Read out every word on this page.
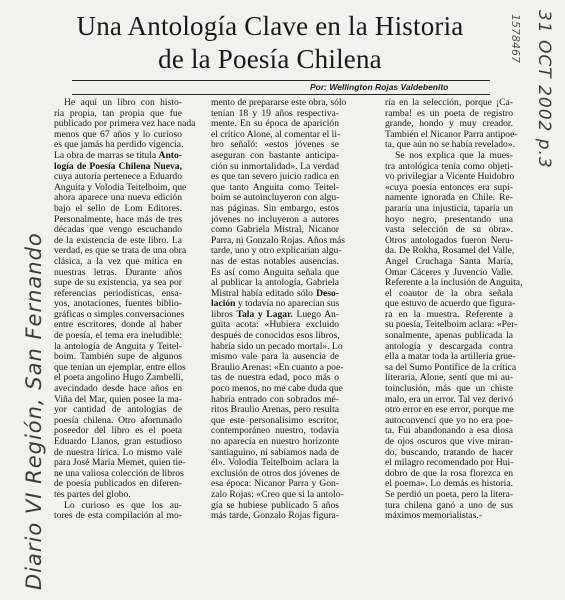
Diario VI Región, San Fernando
31 OCT 2002 p.3
1578467
Una Antología Clave en la Historia
de la Poesía Chilena
Por: Wellington Rojas Valdebenito
He aquí un libro con histo-
ria propia, tan propia que fue
publicado por primera vez hace nada
menos que 67 años y lo curioso
es que jamás ha perdido vigencia.
La obra de marras se titula Anto-
logía de Poesía Chilena Nueva,
cuya autoría pertenece a Eduardo
Anguita y Volodia Teitelboim, que
ahora aparece una nueva edición
bajo el sello de Lom Editores.
Personalmente, hace más de tres
décadas que vengo escuchando
de la existencia de este libro. La
verdad, es que se trata de una obra
clásica, a la vez que mítica en
nuestras letras. Durante años
supe de su existencia, ya sea por
referencias periodísticas, ensa-
yos, anotaciones, fuentes biblio-
gráficas o simples conversaciones
entre escritores, donde al haber
de poesía, el tema era ineludible:
la antología de Anguita y Teitel-
boim. También supe de algunos
que tenían un ejemplar, entre ellos
el poeta angolino Hugo Zambelli,
avecindado desde hace años en
Viña del Mar, quien posee la ma-
yor cantidad de antologías de
poesía chilena. Otro afortunado
poseedor del libro es el poeta
Eduardo Llanos, gran estudioso
de nuestra lírica. Lo mismo vale
para José María Memet, quien tie-
ne una valiosa colección de libros
de poesía publicados en diferen-
tes partes del globo.
Lo curioso es que los au-
tores de esta compilación al mo-
mento de prepararse este obra, sólo
tenían 18 y 19 años respectiva-
mente. En su época de aparición
el crítico Alone, al comentar el li-
bro señaló: «estos jóvenes se
aseguran con bastante anticipa-
ción su inmortalidad». La verdad
es que tan severo juicio radica en
que tanto Anguita como Teitel-
boim se autoincluyeron con algu-
nas páginas. Sin embargo, estos
jóvenes no incluyeron a autores
como Gabriela Mistral, Nicanor
Parra, ni Gonzalo Rojas. Años más
tarde, uno y otro explicarían algu-
nas de estas notables ausencias.
Es así como Anguita señala que
al publicar la antología, Gabriela
Mistral había editado sólo Deso-
lación y todavía no aparecían sus
libros Tala y Lagar. Luego An-
guita acota: «Hubiera excluido
después de conocidos esos libros,
habría sido un pecado mortal». Lo
mismo vale para la ausencia de
Braulio Arenas: «En cuanto a poe-
tas de nuestra edad, poco más o
poco menos, no me cabe duda que
habría entrado con sobrados mé-
ritos Braulio Arenas, pero resulta
que este personalísimo escritor,
contemporáneo nuestro, todavía
no aparecía en nuestro horizonte
santiaguino, ni sabíamos nada de
él». Volodia Teitelboim aclara la
exclusión de otros dos jóvenes de
esa época: Nicanor Parra y Gon-
zalo Rojas: «Creo que si la antolo-
gía se hubiese publicado 5 años
más tarde, Gonzalo Rojas figura-
ría en la selección, porque ¡Ca-
ramba! es un poeta de registro
grande, hondo y muy creador.
También el Nicanor Parra antipoe-
ta, que aún no se había revelado».
Se nos explica que la mues-
tra antológica tenía como objeti-
vo privilegiar a Vicente Huidobro
«cuya poesía entonces era supi-
namente ignorada en Chile. Re-
pararía una injusticia, taparía un
hoyo negro, presentando una
vasta selección de su obra».
Otros antologados fueron Neru-
da. De Rokha, Rosamel del Valle,
Angel Cruchaga Santa María,
Omar Cáceres y Juvencio Valle.
Referente a la inclusión de Anguita,
el coautor de la obra señala
que estuvo de acuerdo que figura-
ra en la muestra. Referente a
su poesía, Teitelboim aclara: «Per-
sonalmente, apenas publicada la
antología y descargada contra
ella a matar toda la artillería grue-
sa del Sumo Pontífice de la crítica
literaria, Alone, sentí que mi au-
toinclusión, más que un chiste
malo, era un error. Tal vez derivó
otro error en ese error, porque me
autoconvencí que yo no era poe-
ta. Fui abandonando a esa diosa
de ojos oscuros que vive miran-
do, buscando, tratando de hacer
el milagro recomendado por Hui-
dobro de que la rosa florezca en
el poema». Lo demás es historia.
Se perdió un poeta, pero la litera-
tura chilena ganó a uno de sus
máximos memorialistas.-
